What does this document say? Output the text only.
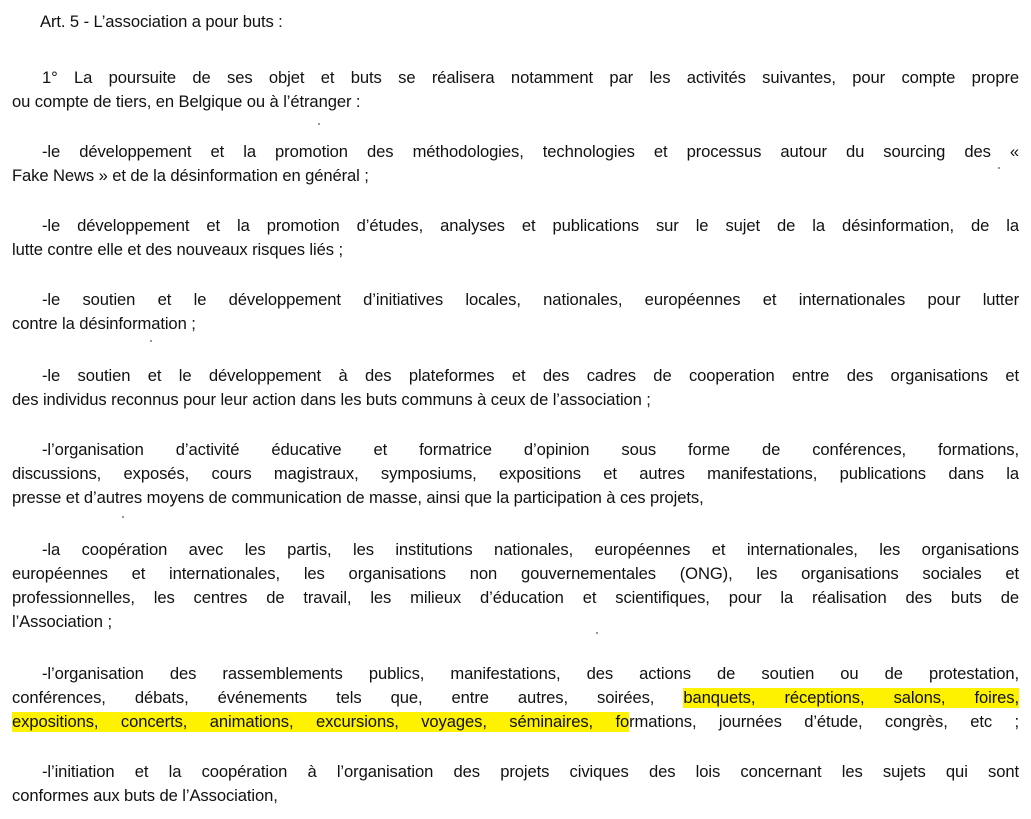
Art. 5 - L’association a pour buts :
1° La poursuite de ses objet et buts se réalisera notamment par les activités suivantes, pour compte propre
ou compte de tiers, en Belgique ou à l’étranger :
-le développement et la promotion des méthodologies, technologies et processus autour du sourcing des «
Fake News » et de la désinformation en général ;
-le développement et la promotion d’études, analyses et publications sur le sujet de la désinformation, de la
lutte contre elle et des nouveaux risques liés ;
-le soutien et le développement d’initiatives locales, nationales, européennes et internationales pour lutter
contre la désinformation ;
-le soutien et le développement à des plateformes et des cadres de cooperation entre des organisations et
des individus reconnus pour leur action dans les buts communs à ceux de l’association ;
-l’organisation d’activité éducative et formatrice d’opinion sous forme de conférences, formations,
discussions, exposés, cours magistraux, symposiums, expositions et autres manifestations, publications dans la
presse et d’autres moyens de communication de masse, ainsi que la participation à ces projets,
-la coopération avec les partis, les institutions nationales, européennes et internationales, les organisations
européennes et internationales, les organisations non gouvernementales (ONG), les organisations sociales et
professionnelles, les centres de travail, les milieux d’éducation et scientifiques, pour la réalisation des buts de
l’Association ;
-l’organisation des rassemblements publics, manifestations, des actions de soutien ou de protestation,
conférences, débats, événements tels que, entre autres, soirées, banquets, réceptions, salons, foires,
expositions, concerts, animations, excursions, voyages, séminaires, formations, journées d’étude, congrès, etc ;
-l’initiation et la coopération à l’organisation des projets civiques des lois concernant les sujets qui sont
conformes aux buts de l’Association,
